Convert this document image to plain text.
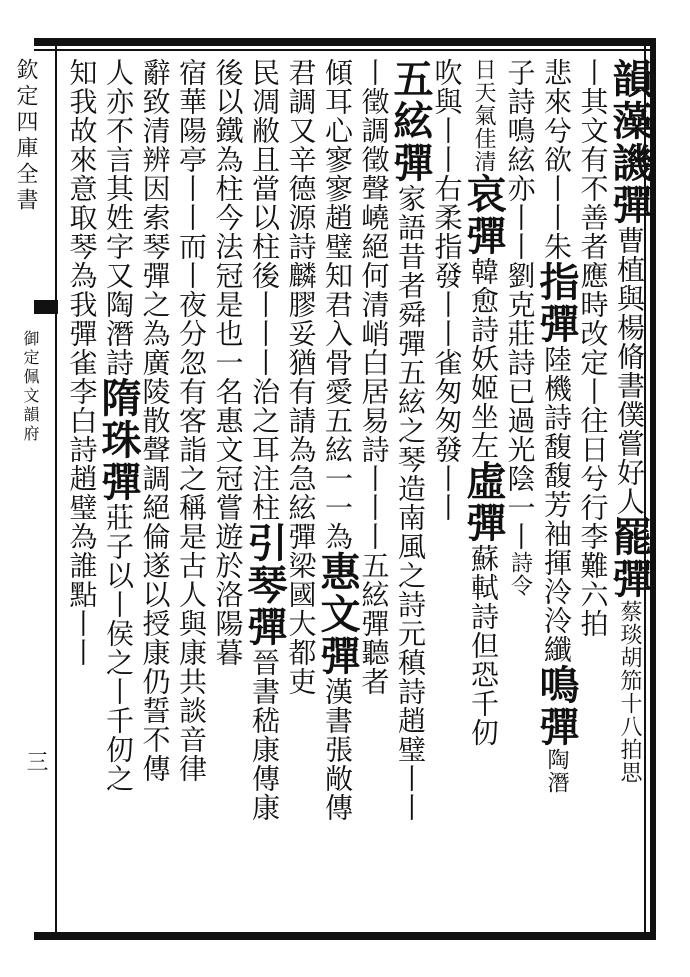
欽定四庫全書
御定佩文韻府
三
韻藻譏彈曹植與楊脩書僕嘗好人罷彈蔡琰胡笳十八拍思
丨其文有不善者應時改定丨往日兮行李難六拍
悲來兮欲丨丨朱指彈陸機詩馥馥芳袖揮泠泠纖鳴彈陶潛
子詩鳴絃亦丨丨劉克莊詩已過光陰一丨詩令
日天氣佳清哀彈韓愈詩妖姬坐左虛彈蘇軾詩但恐千仞
吹與丨丨右柔指發丨丨雀匆匆發丨丨
五絃彈家語昔者舜彈五絃之琴造南風之詩元稹詩趙璧丨丨
丨徵調徵聲嶢絕何清峭白居易詩丨丨丨五絃彈聽者
傾耳心寥寥趙璧知君入骨愛五絃一一為惠文彈漢書張敞傳
君調又辛德源詩麟膠妥猶有請為急絃彈梁國大都吏
民凋敝且當以柱後丨丨丨治之耳注柱引琴彈晉書嵇康傳康
後以鐵為柱今法冠是也一名惠文冠嘗遊於洛陽暮
宿華陽亭丨丨而丨夜分忽有客詣之稱是古人與康共談音律
辭致清辨因索琴彈之為廣陵散聲調絕倫遂以授康仍誓不傳
人亦不言其姓字又陶潛詩隋珠彈莊子以丨侯之丨千仞之
知我故來意取琴為我彈雀李白詩趙璧為誰點丨丨
